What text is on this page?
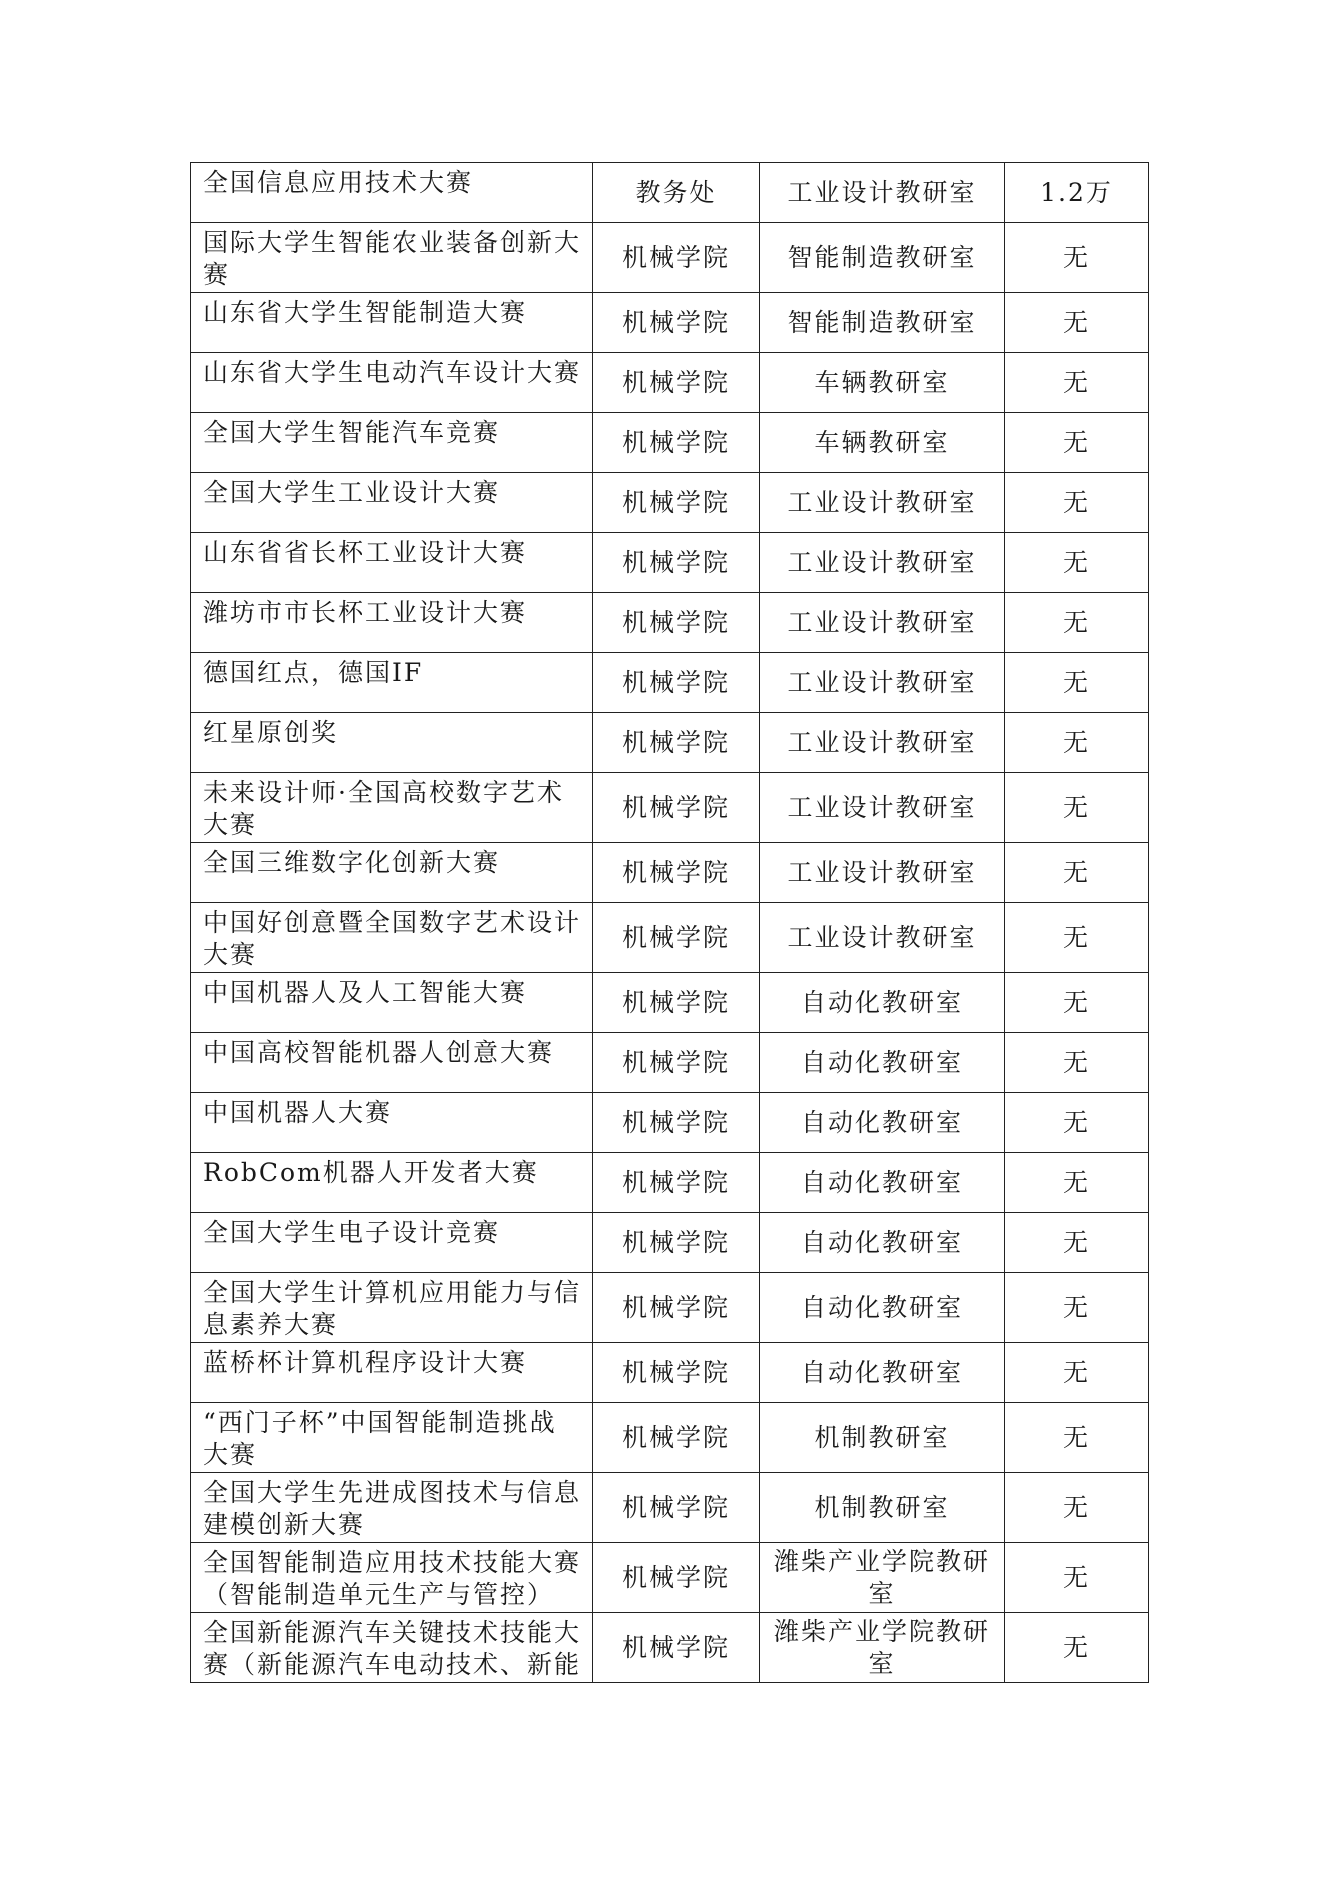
全国信息应用技术大赛	教务处	工业设计教研室	1.2万
国际大学生智能农业装备创新大赛	机械学院	智能制造教研室	无
山东省大学生智能制造大赛	机械学院	智能制造教研室	无
山东省大学生电动汽车设计大赛	机械学院	车辆教研室	无
全国大学生智能汽车竞赛	机械学院	车辆教研室	无
全国大学生工业设计大赛	机械学院	工业设计教研室	无
山东省省长杯工业设计大赛	机械学院	工业设计教研室	无
潍坊市市长杯工业设计大赛	机械学院	工业设计教研室	无
德国红点，德国IF	机械学院	工业设计教研室	无
红星原创奖	机械学院	工业设计教研室	无
未来设计师·全国高校数字艺术大赛	机械学院	工业设计教研室	无
全国三维数字化创新大赛	机械学院	工业设计教研室	无
中国好创意暨全国数字艺术设计大赛	机械学院	工业设计教研室	无
中国机器人及人工智能大赛	机械学院	自动化教研室	无
中国高校智能机器人创意大赛	机械学院	自动化教研室	无
中国机器人大赛	机械学院	自动化教研室	无
RobCom机器人开发者大赛	机械学院	自动化教研室	无
全国大学生电子设计竞赛	机械学院	自动化教研室	无
全国大学生计算机应用能力与信息素养大赛	机械学院	自动化教研室	无
蓝桥杯计算机程序设计大赛	机械学院	自动化教研室	无
“西门子杯”中国智能制造挑战大赛	机械学院	机制教研室	无
全国大学生先进成图技术与信息建模创新大赛	机械学院	机制教研室	无
全国智能制造应用技术技能大赛（智能制造单元生产与管控）	机械学院	潍柴产业学院教研室	无
全国新能源汽车关键技术技能大赛（新能源汽车电动技术、新能	机械学院	潍柴产业学院教研室	无
